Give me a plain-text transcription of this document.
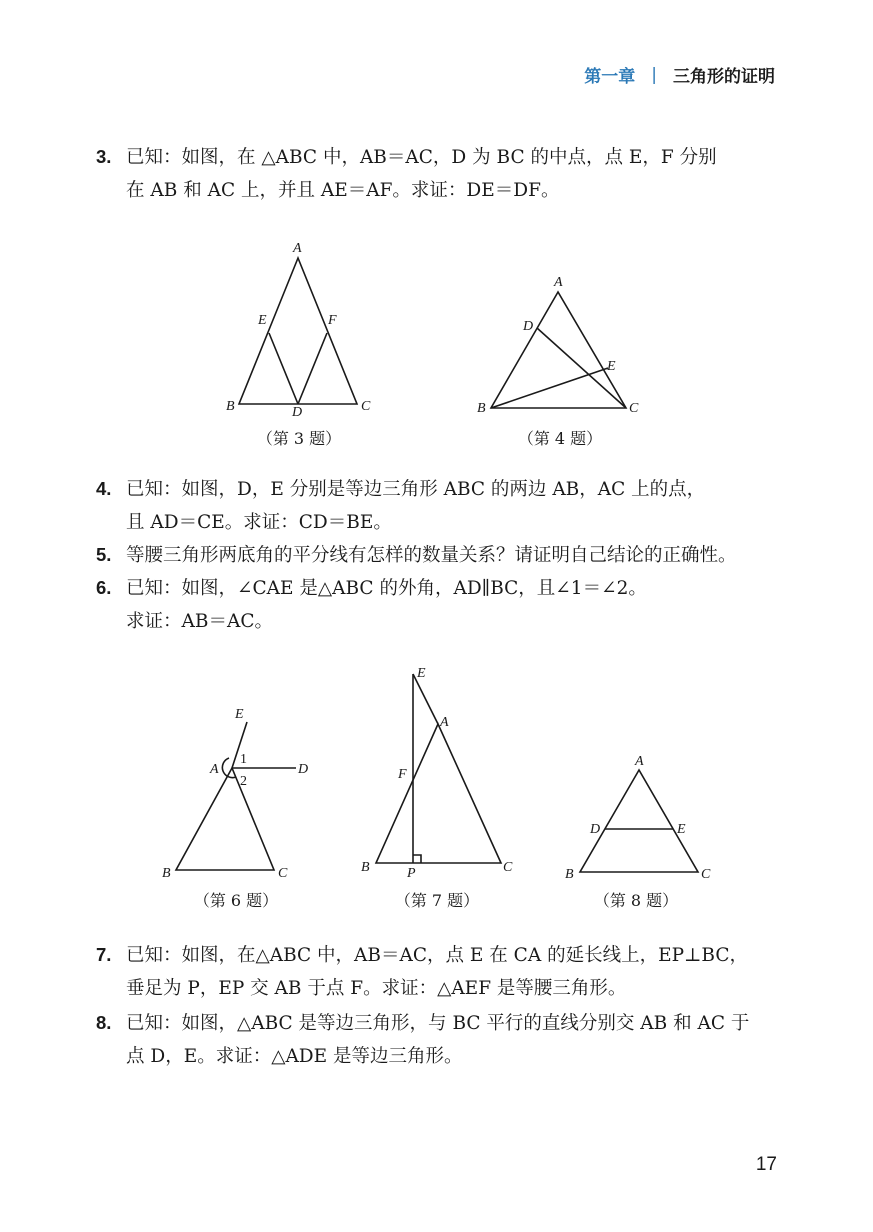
第一章 | 三角形的证明
3. 已知：如图，在 △ABC 中，AB＝AC，D 为 BC 的中点，点 E，F 分别
在 AB 和 AC 上，并且 AE＝AF。求证：DE＝DF。
A
E	F
B	D	C
（第 3 题）
A
D
E
B	C
（第 4 题）
4. 已知：如图，D，E 分别是等边三角形 ABC 的两边 AB，AC 上的点，
且 AD＝CE。求证：CD＝BE。
5. 等腰三角形两底角的平分线有怎样的数量关系？请证明自己结论的正确性。
6. 已知：如图，∠CAE 是△ABC 的外角，AD∥BC，且∠1＝∠2。
求证：AB＝AC。
E
1
2
A	D
B	C
（第 6 题）
E
A
F
B	P	C
（第 7 题）
A
D	E
B	C
（第 8 题）
7. 已知：如图，在△ABC 中，AB＝AC，点 E 在 CA 的延长线上，EP⊥BC，
垂足为 P，EP 交 AB 于点 F。求证：△AEF 是等腰三角形。
8. 已知：如图，△ABC 是等边三角形，与 BC 平行的直线分别交 AB 和 AC 于
点 D，E。求证：△ADE 是等边三角形。
17
